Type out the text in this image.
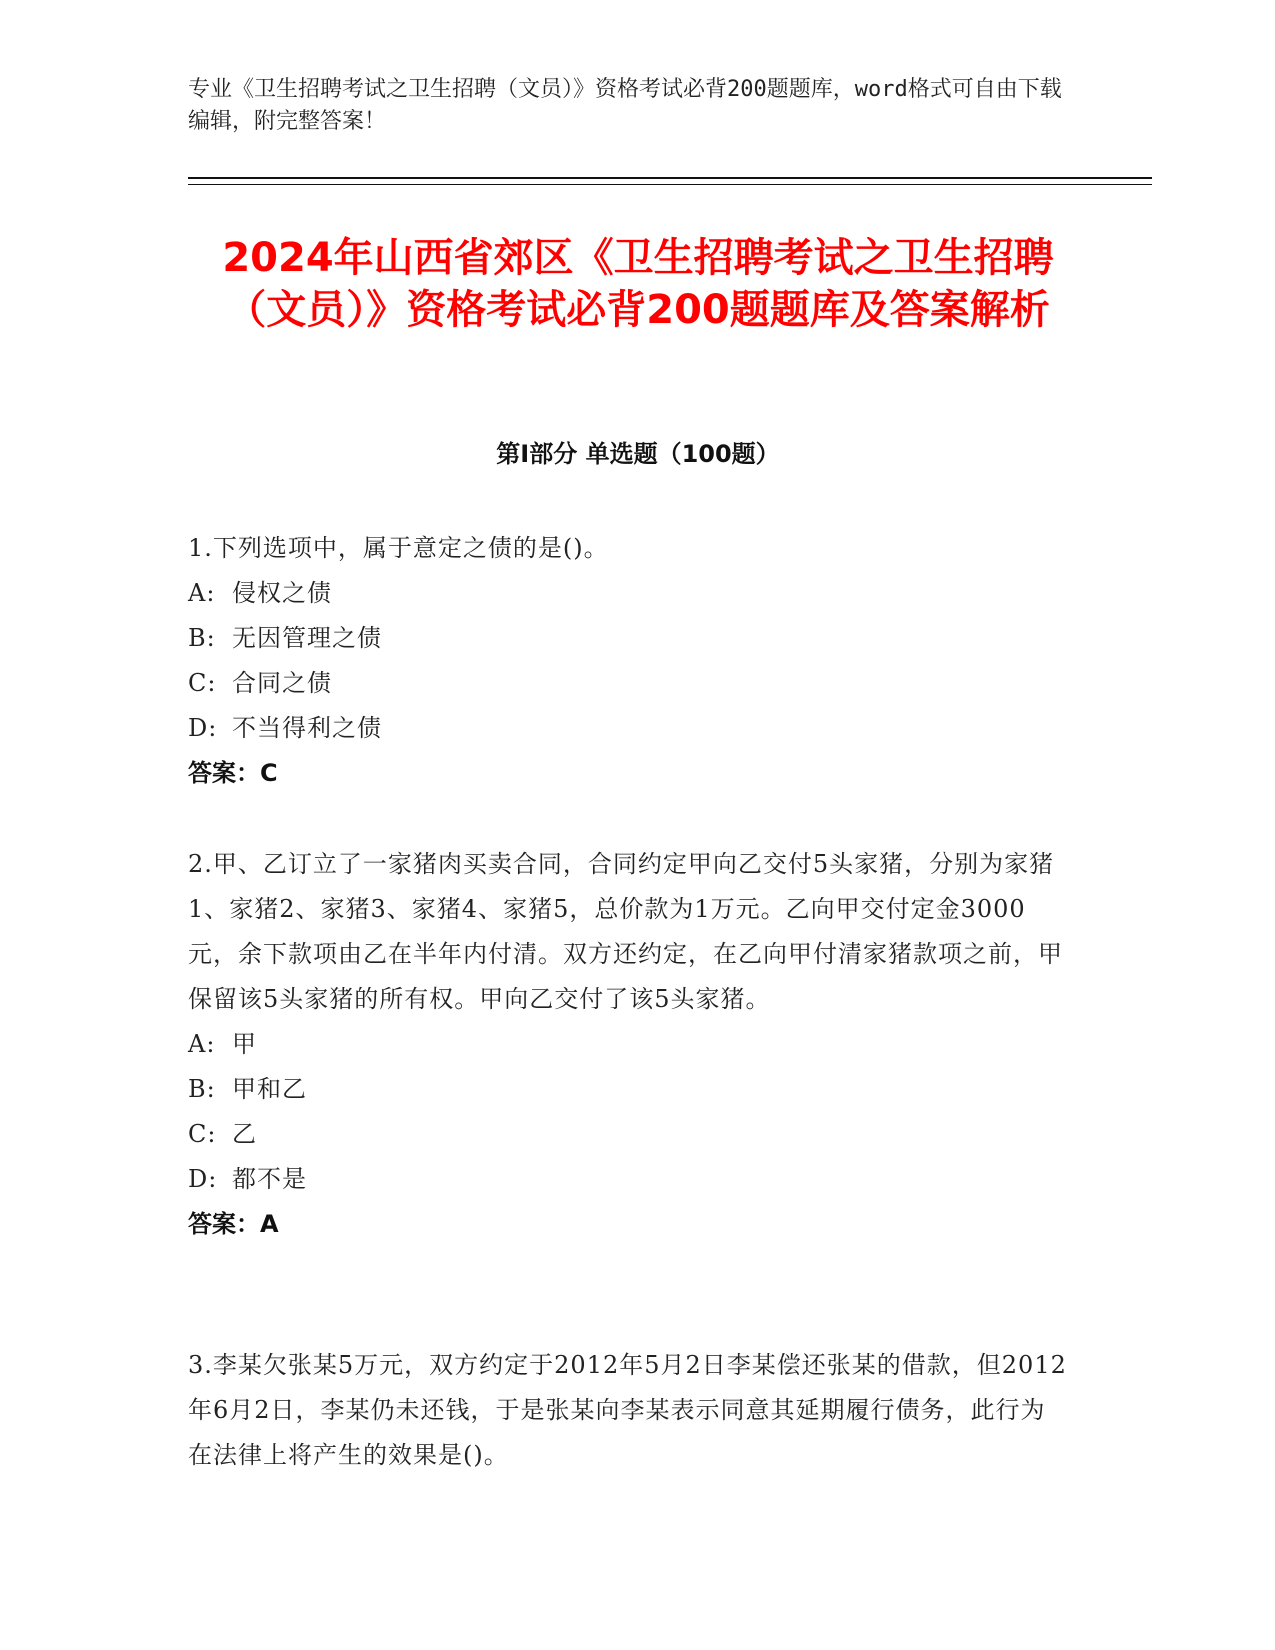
专业《卫生招聘考试之卫生招聘（文员）》资格考试必背200题题库，word格式可自由下载编辑，附完整答案！

2024年山西省郊区《卫生招聘考试之卫生招聘（文员）》资格考试必背200题题库及答案解析
第I部分 单选题（100题）

1.下列选项中，属于意定之债的是()。

A: 侵权之债

B: 无因管理之债

C: 合同之债

D: 不当得利之债

答案：C

2.甲、乙订立了一家猪肉买卖合同，合同约定甲向乙交付5头家猪，分别为家猪1、家猪2、家猪3、家猪4、家猪5，总价款为1万元。乙向甲交付定金3000元，余下款项由乙在半年内付清。双方还约定，在乙向甲付清家猪款项之前，甲保留该5头家猪的所有权。甲向乙交付了该5头家猪。

A: 甲

B: 甲和乙

C: 乙

D: 都不是

答案：A

3.李某欠张某5万元，双方约定于2012年5月2日李某偿还张某的借款，但2012年6月2日，李某仍未还钱，于是张某向李某表示同意其延期履行债务，此行为在法律上将产生的效果是()。
